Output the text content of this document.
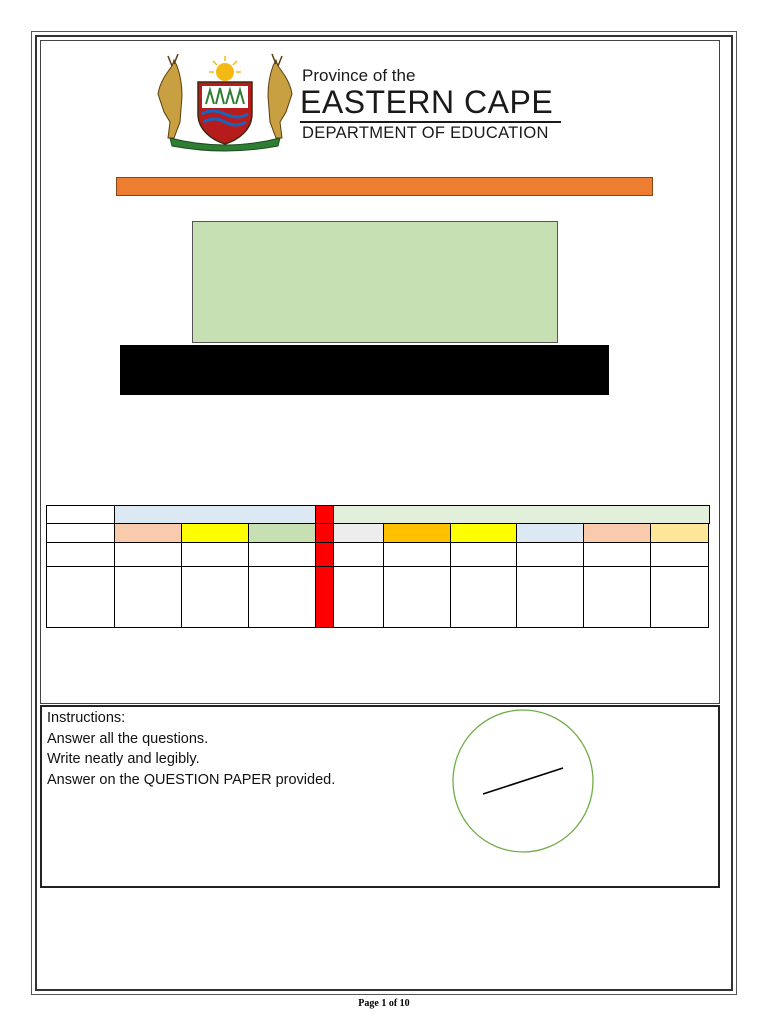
Province of the
EASTERN CAPE
DEPARTMENT OF EDUCATION
Instructions:
Answer all the questions.
Write neatly and legibly.
Answer on the QUESTION PAPER provided.
Page 1 of 10
